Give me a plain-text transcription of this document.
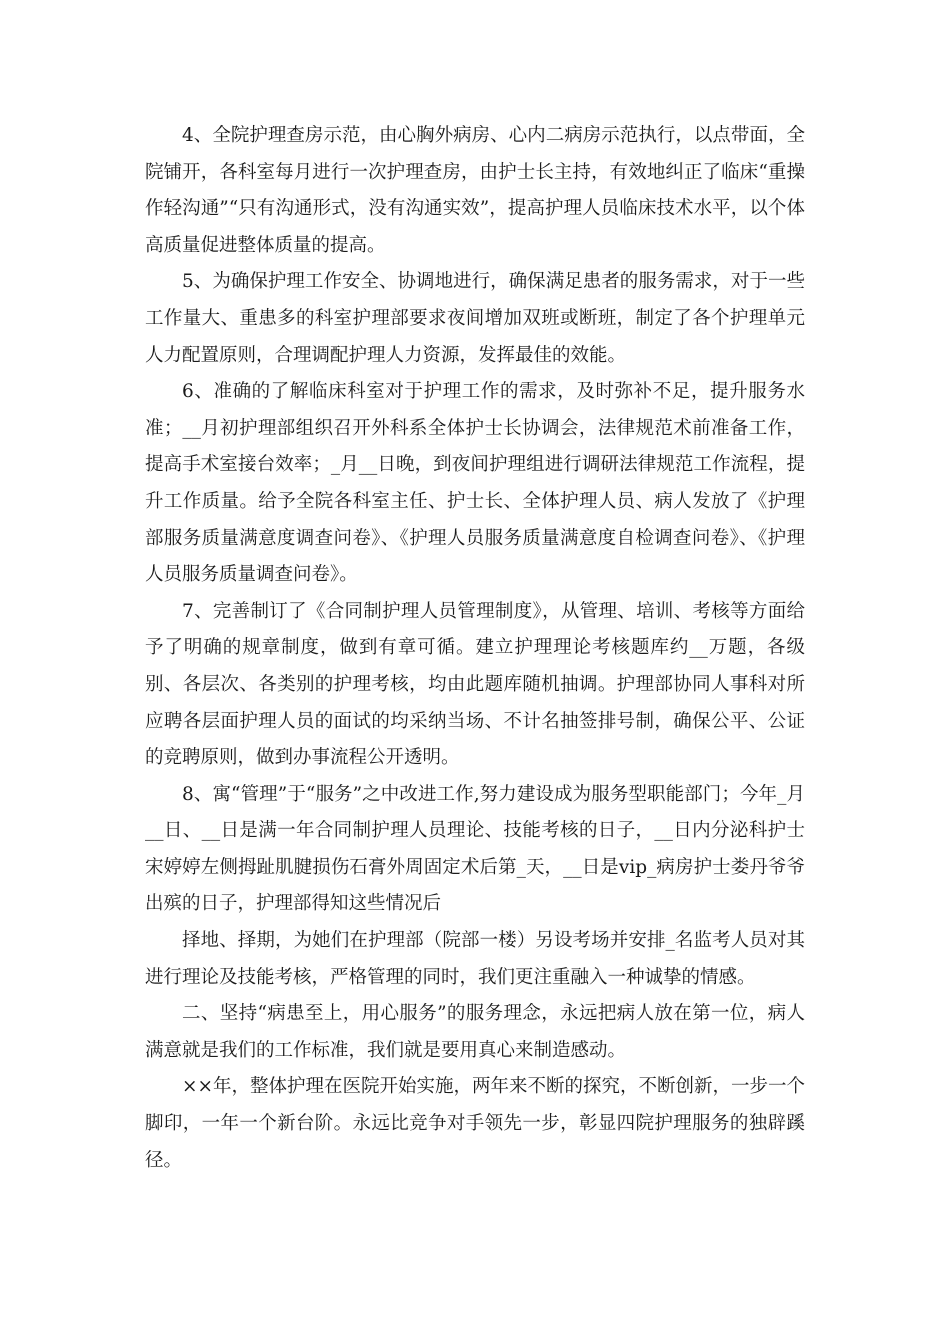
4、全院护理查房示范，由心胸外病房、心内二病房示范执行，以点带面，全院铺开，各科室每月进行一次护理查房，由护士长主持，有效地纠正了临床“重操作轻沟通”“只有沟通形式，没有沟通实效”，提高护理人员临床技术水平，以个体高质量促进整体质量的提高。

5、为确保护理工作安全、协调地进行，确保满足患者的服务需求，对于一些工作量大、重患多的科室护理部要求夜间增加双班或断班，制定了各个护理单元人力配置原则，合理调配护理人力资源，发挥最佳的效能。

6、准确的了解临床科室对于护理工作的需求，及时弥补不足，提升服务水准；__月初护理部组织召开外科系全体护士长协调会，法律规范术前准备工作，提高手术室接台效率；_月__日晚，到夜间护理组进行调研法律规范工作流程，提升工作质量。给予全院各科室主任、护士长、全体护理人员、病人发放了《护理部服务质量满意度调查问卷》、《护理人员服务质量满意度自检调查问卷》、《护理人员服务质量调查问卷》。

7、完善制订了《合同制护理人员管理制度》，从管理、培训、考核等方面给予了明确的规章制度，做到有章可循。建立护理理论考核题库约__万题，各级别、各层次、各类别的护理考核，均由此题库随机抽调。护理部协同人事科对所应聘各层面护理人员的面试的均采纳当场、不计名抽签排号制，确保公平、公证的竞聘原则，做到办事流程公开透明。

8、寓“管理”于“服务”之中改进工作,努力建设成为服务型职能部门；今年_月__日、__日是满一年合同制护理人员理论、技能考核的日子，__日内分泌科护士宋婷婷左侧拇趾肌腱损伤石膏外周固定术后第_天，__日是vip_病房护士娄丹爷爷出殡的日子，护理部得知这些情况后

择地、择期，为她们在护理部（院部一楼）另设考场并安排_名监考人员对其进行理论及技能考核，严格管理的同时，我们更注重融入一种诚挚的情感。

二、坚持“病患至上，用心服务”的服务理念，永远把病人放在第一位，病人满意就是我们的工作标准，我们就是要用真心来制造感动。

××年，整体护理在医院开始实施，两年来不断的探究，不断创新，一步一个脚印，一年一个新台阶。永远比竞争对手领先一步，彰显四院护理服务的独辟蹊径。
